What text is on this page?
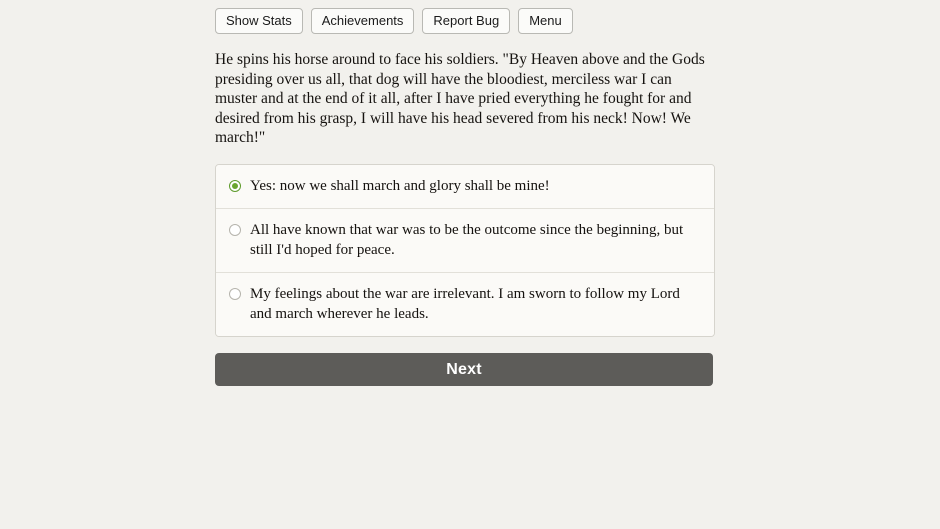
Show Stats	Achievements	Report Bug	Menu

He spins his horse around to face his soldiers. "By Heaven above and the Gods presiding over us all, that dog will have the bloodiest, merciless war I can muster and at the end of it all, after I have pried everything he fought for and desired from his grasp, I will have his head severed from his neck! Now! We march!"

Yes: now we shall march and glory shall be mine!
All have known that war was to be the outcome since the beginning, but still I'd hoped for peace.
My feelings about the war are irrelevant. I am sworn to follow my Lord and march wherever he leads.
Next
